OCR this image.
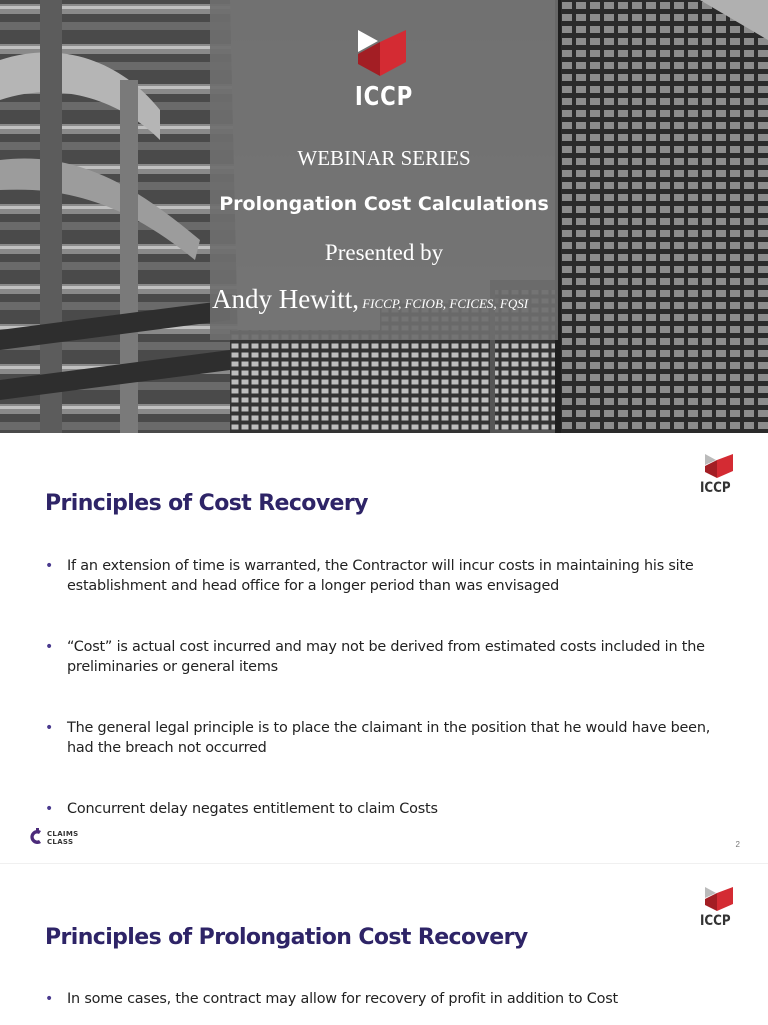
ICCP
WEBINAR SERIES
Prolongation Cost Calculations
Presented by
Andy Hewitt, FICCP, FCIOB, FCICES, FQSI
ICCP
Principles of Cost Recovery
• If an extension of time is warranted, the Contractor will incur costs in maintaining his site establishment and head office for a longer period than was envisaged
• “Cost” is actual cost incurred and may not be derived from estimated costs included in the preliminaries or general items
• The general legal principle is to place the claimant in the position that he would have been, had the breach not occurred
• Concurrent delay negates entitlement to claim Costs
CLAIMS
CLASS	2
ICCP
Principles of Prolongation Cost Recovery
• In some cases, the contract may allow for recovery of profit in addition to Cost
